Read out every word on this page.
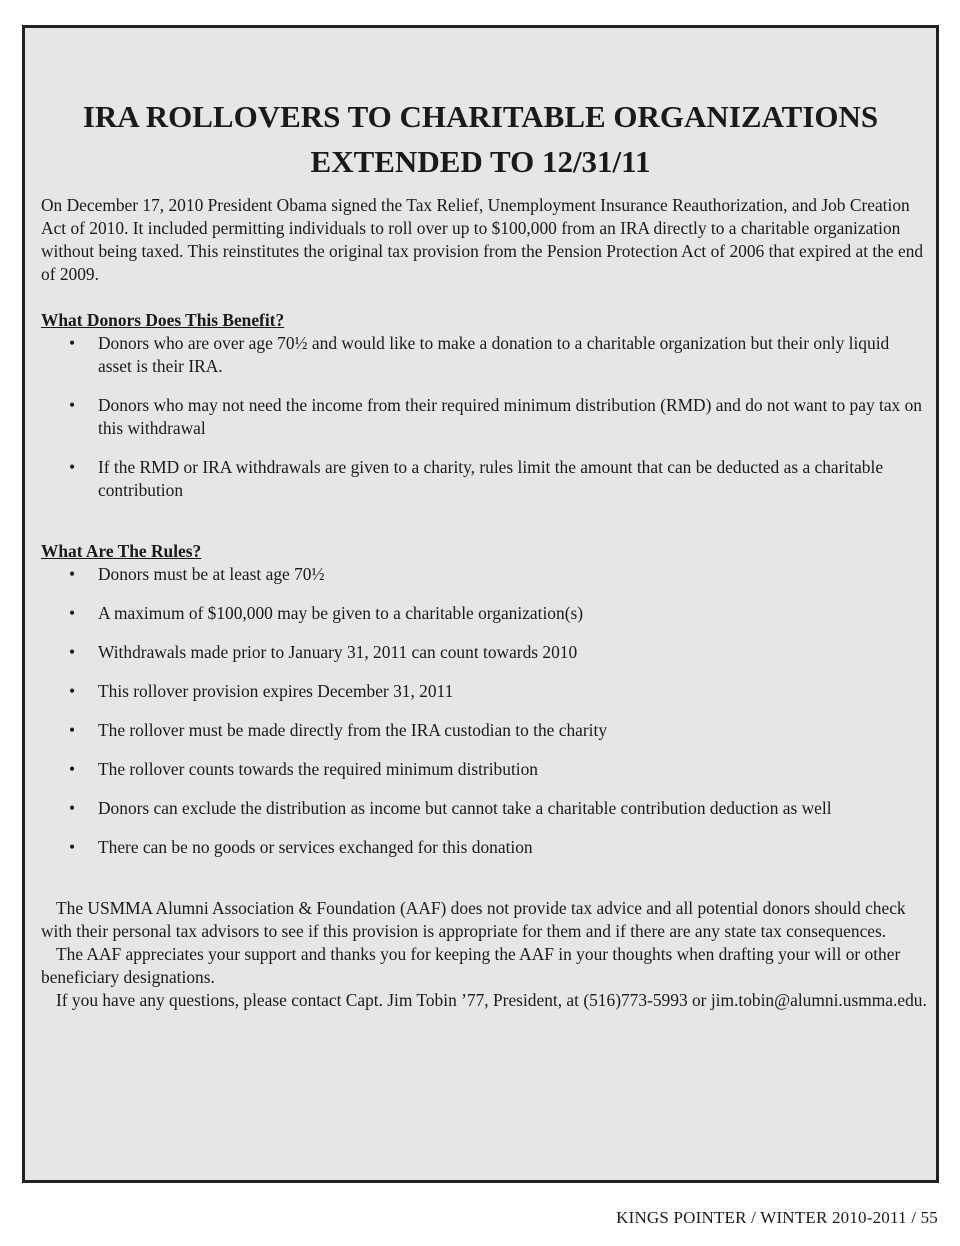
IRA ROLLOVERS TO CHARITABLE ORGANIZATIONS
EXTENDED TO 12/31/11

On December 17, 2010 President Obama signed the Tax Relief, Unemployment Insurance Reauthorization, and Job Creation Act of 2010. It included permitting individuals to roll over up to $100,000 from an IRA directly to a charitable organization without being taxed. This reinstitutes the original tax provision from the Pension Protection Act of 2006 that expired at the end of 2009.

What Donors Does This Benefit?
• Donors who are over age 70½ and would like to make a donation to a charitable organization but their only liquid asset is their IRA.
• Donors who may not need the income from their required minimum distribution (RMD) and do not want to pay tax on this withdrawal
• If the RMD or IRA withdrawals are given to a charity, rules limit the amount that can be deducted as a charitable contribution
What Are The Rules?
• Donors must be at least age 70½
• A maximum of $100,000 may be given to a charitable organization(s)
• Withdrawals made prior to January 31, 2011 can count towards 2010
• This rollover provision expires December 31, 2011
• The rollover must be made directly from the IRA custodian to the charity
• The rollover counts towards the required minimum distribution
• Donors can exclude the distribution as income but cannot take a charitable contribution deduction as well
• There can be no goods or services exchanged for this donation

The USMMA Alumni Association & Foundation (AAF) does not provide tax advice and all potential donors should check with their personal tax advisors to see if this provision is appropriate for them and if there are any state tax consequences.

The AAF appreciates your support and thanks you for keeping the AAF in your thoughts when drafting your will or other beneficiary designations.

If you have any questions, please contact Capt. Jim Tobin ’77, President, at (516)773-5993 or jim.tobin@alumni.usmma.edu.

KINGS POINTER / WINTER 2010-2011 / 55
